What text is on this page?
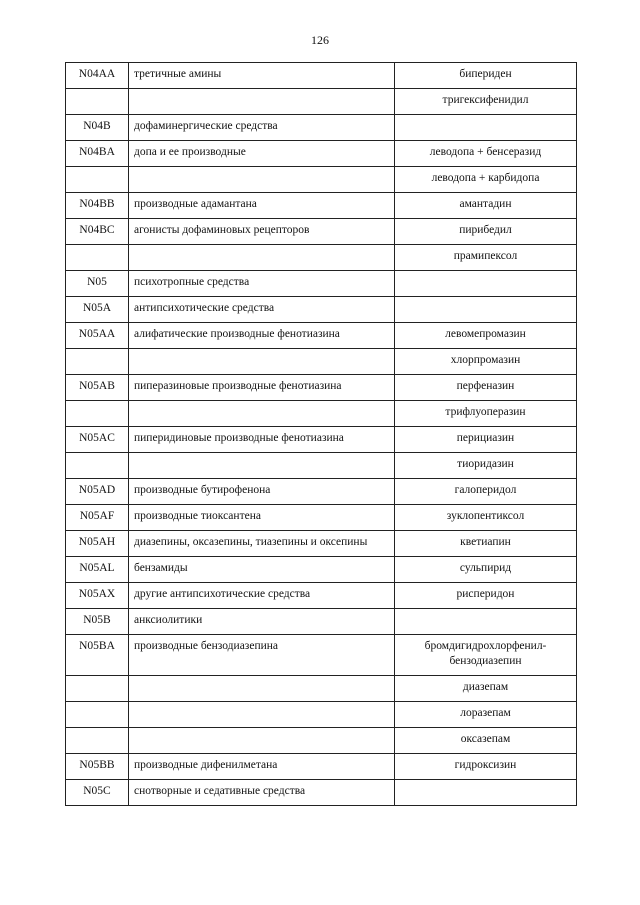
126
N04AA	третичные амины	бипериден
		тригексифенидил
N04B	дофаминергические средства	
N04BA	допа и ее производные	леводопа + бенсеразид
		леводопа + карбидопа
N04BB	производные адамантана	амантадин
N04BC	агонисты дофаминовых рецепторов	пирибедил
		прамипексол
N05	психотропные средства	
N05A	антипсихотические средства	
N05AA	алифатические производные фенотиазина	левомепромазин
		хлорпромазин
N05AB	пиперазиновые производные фенотиазина	перфеназин
		трифлуоперазин
N05AC	пиперидиновые производные фенотиазина	перициазин
		тиоридазин
N05AD	производные бутирофенона	галоперидол
N05AF	производные тиоксантена	зуклопентиксол
N05AH	диазепины, оксазепины, тиазепины и оксепины	кветиапин
N05AL	бензамиды	сульпирид
N05AX	другие антипсихотические средства	рисперидон
N05B	анксиолитики	
N05BA	производные бензодиазепина	бромдигидрохлорфенил-бензодиазепин
		диазепам
		лоразепам
		оксазепам
N05BB	производные дифенилметана	гидроксизин
N05C	снотворные и седативные средства	
